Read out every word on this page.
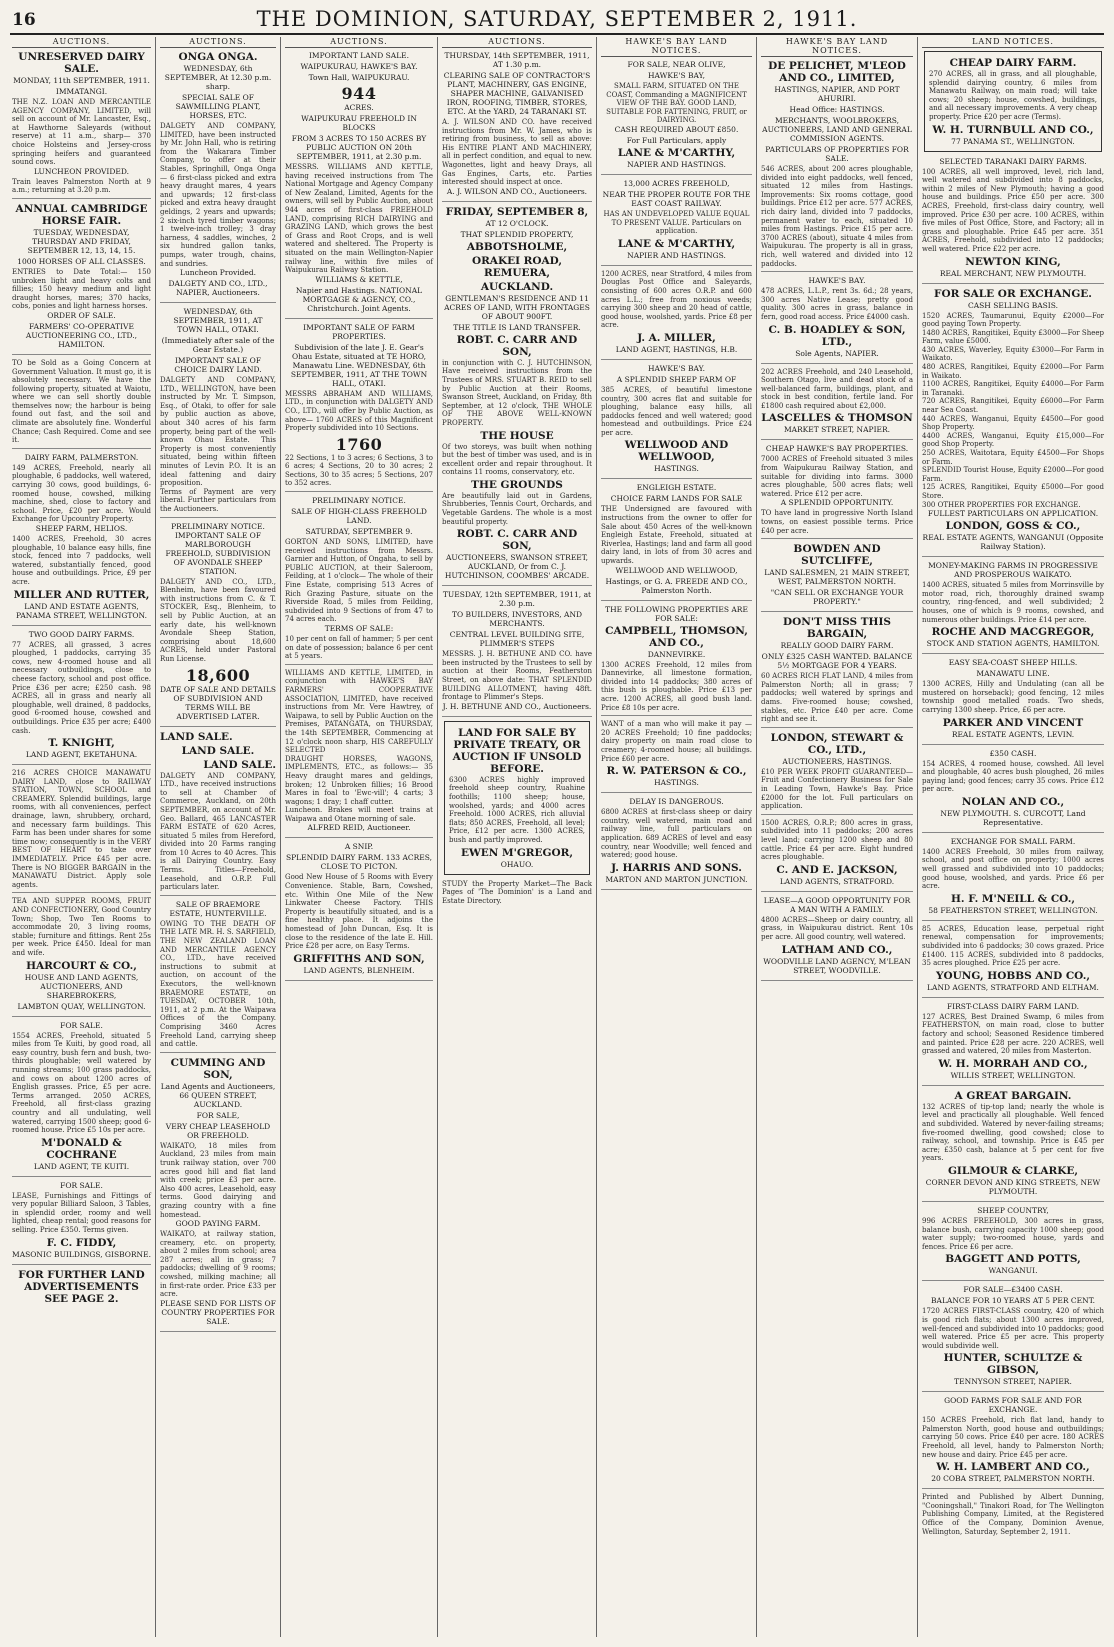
16	THE DOMINION, SATURDAY, SEPTEMBER 2, 1911.
AUCTIONS.
UNRESERVED DAIRY SALE.
MONDAY, 11th SEPTEMBER, 1911.
IMMATANGI.

THE N.Z. LOAN AND MERCANTILE AGENCY COMPANY, LIMITED, will sell on account of Mr. Lancaster, Esq., at Hawthorne Saleyards (without reserve) at 11 a.m., sharp— 370 choice Holsteins and Jersey-cross springing heifers and guaranteed sound cows.

LUNCHEON PROVIDED.

Train leaves Palmerston North at 9 a.m.; returning at 3.20 p.m.

ANNUAL CAMBRIDGE HORSE FAIR.
TUESDAY, WEDNESDAY, THURSDAY AND FRIDAY, SEPTEMBER 12, 13, 14, 15.
1000 HORSES OF ALL CLASSES.

ENTRIES to Date Total:— 150 unbroken light and heavy colts and fillies; 150 heavy medium and light draught horses, mares; 370 hacks, cobs, ponies and light harness horses.

ORDER OF SALE.
FARMERS' CO-OPERATIVE AUCTIONEERING CO., LTD., HAMILTON.

TO be Sold as a Going Concern at Government Valuation. It must go, it is absolutely necessary. We have the following property, situated at Waiotu, where we can sell shortly double themselves now; the harbour is being found out fast, and the soil and climate are absolutely fine. Wonderful Chance; Cash Required. Come and see it.

DAIRY FARM, PALMERSTON.

149 ACRES, Freehold, nearly all ploughable, 6 paddocks, well watered, carrying 30 cows, good buildings, 6-roomed house, cowshed, milking machine, shed, close to factory and school. Price, £20 per acre. Would Exchange for Upcountry Property.

SHEEP FARM, HELIOS.

1400 ACRES, Freehold, 30 acres ploughable, 10 balance easy hills, fine stock, fenced into 7 paddocks, well watered, substantially fenced, good house and outbuildings. Price, £9 per acre.

MILLER AND RUTTER,
LAND AND ESTATE AGENTS, PANAMA STREET, WELLINGTON.
TWO GOOD DAIRY FARMS.

77 ACRES, all grassed, 3 acres ploughed, 1 paddocks, carrying 35 cows, new 4-roomed house and all necessary outbuildings, close to cheese factory, school and post office. Price £36 per acre; £250 cash. 98 ACRES, all in grass and nearly all ploughable, well drained, 8 paddocks, good 6-roomed house, cowshed and outbuildings. Price £35 per acre; £400 cash.

T. KNIGHT,
LAND AGENT, EKETAHUNA.

216 ACRES CHOICE MANAWATU DAIRY LAND, close to RAILWAY STATION, TOWN, SCHOOL and CREAMERY. Splendid buildings, large rooms, with all conveniences, perfect drainage, lawn, shrubbery, orchard, and necessary farm buildings. This Farm has been under shares for some time now; consequently is in the VERY BEST OF HEART to take over IMMEDIATELY. Price £45 per acre. There is NO BIGGER BARGAIN in the MANAWATU District. Apply sole agents.

TEA AND SUPPER ROOMS, FRUIT AND CONFECTIONERY, Good Country Town; Shop, Two Ten Rooms to accommodate 20, 3 living rooms, stable; furniture and fittings. Rent 25s per week. Price £450. Ideal for man and wife.

HARCOURT & CO.,
HOUSE AND LAND AGENTS, AUCTIONEERS, AND SHAREBROKERS,
LAMBTON QUAY, WELLINGTON.
FOR SALE.

1554 ACRES, Freehold, situated 5 miles from Te Kuiti, by good road, all easy country, bush fern and bush, two-thirds ploughable; well watered by running streams; 100 grass paddocks, and cows on about 1200 acres of English grasses. Price, £5 per acre. Terms arranged. 2050 ACRES, Freehold, all first-class grazing country and all undulating, well watered, carrying 1500 sheep; good 6-roomed house. Price £5 10s per acre.

M'DONALD & COCHRANE
LAND AGENT, TE KUITI.
FOR SALE.

LEASE, Furnishings and Fittings of very popular Billiard Saloon, 3 Tables, in splendid order, roomy and well lighted, cheap rental; good reasons for selling. Price £350. Terms given.

F. C. FIDDY,
MASONIC BUILDINGS, GISBORNE.
FOR FURTHER LAND ADVERTISEMENTS SEE PAGE 2.
AUCTIONS.
ONGA ONGA.
WEDNESDAY, 6th SEPTEMBER, At 12.30 p.m. sharp.
SPECIAL SALE OF SAWMILLING PLANT, HORSES, ETC.

DALGETY AND COMPANY, LIMITED, have been instructed by Mr. John Hall, who is retiring from the Wakarara Timber Company, to offer at their Stables, Springhill, Onga Onga— 6 first-class picked and extra heavy draught mares, 4 years and upwards; 12 first-class picked and extra heavy draught geldings, 2 years and upwards; 2 six-inch tyred timber wagons; 1 twelve-inch trolley; 3 dray harness, 4 saddles, winches, 2 six hundred gallon tanks, pumps, water trough, chains, and sundries.

Luncheon Provided.
DALGETY AND CO., LTD., NAPIER, Auctioneers.
WEDNESDAY, 6th SEPTEMBER, 1911, AT TOWN HALL, OTAKI.
(Immediately after sale of the Gear Estate.)
IMPORTANT SALE OF CHOICE DAIRY LAND.

DALGETY AND COMPANY, LTD., WELLINGTON, have been instructed by Mr. T. Simpson, Esq., of Otaki, to offer for sale by public auction as above, about 340 acres of his farm property, being part of the well-known Ohau Estate. This Property is most conveniently situated, being within fifteen minutes of Levin P.O. It is an ideal fattening and dairy proposition.

Terms of Payment are very liberal. Further particulars from the Auctioneers.

PRELIMINARY NOTICE. IMPORTANT SALE OF MARLBOROUGH FREEHOLD, SUBDIVISION OF AVONDALE SHEEP STATION.

DALGETY AND CO., LTD., Blenheim, have been favoured with instructions from C. & T. STOCKER, Esq., Blenheim, to sell by Public Auction, at an early date, his well-known Avondale Sheep Station, comprising about 18,600 ACRES, held under Pastoral Run License.

18,600
DATE OF SALE AND DETAILS OF SUBDIVISION AND TERMS WILL BE ADVERTISED LATER.
LAND SALE.
LAND SALE.
LAND SALE.

DALGETY AND COMPANY, LTD., have received instructions to sell at Chamber of Commerce, Auckland, on 20th SEPTEMBER, on account of Mr. Geo. Ballard, 465 LANCASTER FARM ESTATE of 620 Acres, situated 5 miles from Hereford, divided into 20 Farms ranging from 10 Acres to 40 Acres. This is all Dairying Country. Easy Terms. Titles—Freehold, Leasehold, and O.R.P. Full particulars later.

SALE OF BRAEMORE ESTATE, HUNTERVILLE.

OWING TO THE DEATH OF THE LATE MR. H. S. SARFIELD, THE NEW ZEALAND LOAN AND MERCANTILE AGENCY CO., LTD., have received instructions to submit at auction, on account of the Executors, the well-known BRAEMORE ESTATE, on TUESDAY, OCTOBER 10th, 1911, at 2 p.m. At the Waipawa Offices of the Company. Comprising 3460 Acres Freehold Land, carrying sheep and cattle.

CUMMING AND SON,
Land Agents and Auctioneers, 66 QUEEN STREET, AUCKLAND.
FOR SALE,
VERY CHEAP LEASEHOLD OR FREEHOLD.

WAIKATO, 18 miles from Auckland, 23 miles from main trunk railway station, over 700 acres good hill and flat land with creek; price £3 per acre. Also 400 acres, Leasehold, easy terms. Good dairying and grazing country with a fine homestead.

GOOD PAYING FARM.

WAIKATO, at railway station, creamery, etc. on property, about 2 miles from school; area 287 acres; all in grass; 7 paddocks; dwelling of 9 rooms; cowshed, milking machine; all in first-rate order. Price £33 per acre.

PLEASE SEND FOR LISTS OF COUNTRY PROPERTIES FOR SALE.
AUCTIONS.
IMPORTANT LAND SALE.
WAIPUKURAU, HAWKE'S BAY.
Town Hall, WAIPUKURAU.
944
ACRES.
WAIPUKURAU FREEHOLD IN BLOCKS
FROM 3 ACRES TO 150 ACRES BY PUBLIC AUCTION ON 20th SEPTEMBER, 1911, at 2.30 p.m.

MESSRS. WILLIAMS AND KETTLE, having received instructions from The National Mortgage and Agency Company of New Zealand, Limited, Agents for the owners, will sell by Public Auction, about 944 acres of first-class FREEHOLD LAND, comprising RICH DAIRYING and GRAZING LAND, which grows the best of Grass and Root Crops, and is well watered and sheltered. The Property is situated on the main Wellington-Napier railway line, within five miles of Waipukurau Railway Station.

WILLIAMS & KETTLE,
Napier and Hastings. NATIONAL MORTGAGE & AGENCY, CO., Christchurch. Joint Agents.
IMPORTANT SALE OF FARM PROPERTIES.
Subdivision of the late J. E. Gear's Ohau Estate, situated at TE HORO, Manawatu Line. WEDNESDAY, 6th SEPTEMBER, 1911, AT THE TOWN HALL, OTAKI.

MESSRS ABRAHAM AND WILLIAMS, LTD., in conjunction with DALGETY AND CO., LTD., will offer by Public Auction, as above— 1760 ACRES of this Magnificent Property subdivided into 10 Sections.

1760

22 Sections, 1 to 3 acres; 6 Sections, 3 to 6 acres; 4 Sections, 20 to 30 acres; 2 Sections, 30 to 35 acres; 5 Sections, 207 to 352 acres.

PRELIMINARY NOTICE.
SALE OF HIGH-CLASS FREEHOLD LAND.
SATURDAY, SEPTEMBER 9.

GORTON AND SONS, LIMITED, have received instructions from Messrs. Garnier and Hutton, of Ongaha, to sell by PUBLIC AUCTION, at their Saleroom, Feilding, at 1 o'clock— The whole of their Fine Estate, comprising 513 Acres of Rich Grazing Pasture, situate on the Riverside Road, 5 miles from Feilding, subdivided into 9 Sections of from 47 to 74 acres each.

TERMS OF SALE:

10 per cent on fall of hammer; 5 per cent on date of possession; balance 6 per cent at 5 years.

WILLIAMS AND KETTLE, LIMITED, in conjunction with HAWKE'S BAY FARMERS' COOPERATIVE ASSOCIATION, LIMITED, have received instructions from Mr. Vere Hawtrey, of Waipawa, to sell by Public Auction on the Premises, PATANGATA, on THURSDAY, the 14th SEPTEMBER, Commencing at 12 o'clock noon sharp, HIS CAREFULLY SELECTED

DRAUGHT HORSES, WAGONS, IMPLEMENTS, ETC., as follows:— 35 Heavy draught mares and geldings, broken; 12 Unbroken fillies; 16 Brood Mares in foal to 'Ewc-vill'; 4 carts; 3 wagons; 1 dray; 1 chaff cutter.

Luncheon. Brakes will meet trains at Waipawa and Otane morning of sale.

ALFRED REID, Auctioneer.
A SNIP.
SPLENDID DAIRY FARM. 133 ACRES, CLOSE TO PICTON.

Good New House of 5 Rooms with Every Convenience. Stable, Barn, Cowshed, etc. Within One Mile of the New Linkwater Cheese Factory. THIS Property is beautifully situated, and is a fine healthy place. It adjoins the homestead of John Duncan, Esq. It is close to the residence of the late E. Hill. Price £28 per acre, on Easy Terms.

GRIFFITHS AND SON,
LAND AGENTS, BLENHEIM.
AUCTIONS.
THURSDAY, 14th SEPTEMBER, 1911, AT 1.30 p.m.
CLEARING SALE OF CONTRACTOR'S PLANT, MACHINERY, GAS ENGINE, SHAPER MACHINE, GALVANISED IRON, ROOFING, TIMBER, STORES, ETC. At the YARD, 24 TARANAKI ST.

A. J. WILSON AND CO. have received instructions from Mr. W. James, who is retiring from business, to sell as above: His ENTIRE PLANT AND MACHINERY, all in perfect condition, and equal to new. Wagonettes, light and heavy Drays, all Gas Engines, Carts, etc. Parties interested should inspect at once.

A. J. WILSON AND CO., Auctioneers.
FRIDAY, SEPTEMBER 8,
AT 12 O'CLOCK.
THAT SPLENDID PROPERTY,
ABBOTSHOLME,
ORAKEI ROAD, REMUERA,
AUCKLAND.
GENTLEMAN'S RESIDENCE AND 11 ACRES OF LAND, WITH FRONTAGES OF ABOUT 900FT.
THE TITLE IS LAND TRANSFER.
ROBT. C. CARR AND SON,

in conjunction with C. J. HUTCHINSON, Have received instructions from the Trustees of MRS. STUART B. REID to sell by Public Auction at their Rooms, Swanson Street, Auckland, on Friday, 8th September, at 12 o'clock, THE WHOLE OF THE ABOVE WELL-KNOWN PROPERTY.

THE HOUSE

Of two storeys, was built when nothing but the best of timber was used, and is in excellent order and repair throughout. It contains 11 rooms, conservatory, etc.

THE GROUNDS

Are beautifully laid out in Gardens, Shrubberies, Tennis Court, Orchards, and Vegetable Gardens. The whole is a most beautiful property.

ROBT. C. CARR AND SON,
AUCTIONEERS, SWANSON STREET, AUCKLAND, Or from C. J. HUTCHINSON, COOMBES' ARCADE.
TUESDAY, 12th SEPTEMBER, 1911, at 2.30 p.m.
TO BUILDERS, INVESTORS, AND MERCHANTS.
CENTRAL LEVEL BUILDING SITE, PLIMMER'S STEPS

MESSRS. J. H. BETHUNE AND CO. have been instructed by the Trustees to sell by auction at their Rooms, Featherston Street, on above date: THAT SPLENDID BUILDING ALLOTMENT, having 48ft. frontage to Plimmer's Steps.

J. H. BETHUNE AND CO., Auctioneers.
LAND FOR SALE BY PRIVATE TREATY, OR AUCTION IF UNSOLD BEFORE.

6300 ACRES highly improved freehold sheep country, Ruahine foothills; 1100 sheep; house, woolshed, yards; and 4000 acres Freehold. 1000 ACRES, rich alluvial flats; 850 ACRES, Freehold, all level; Price, £12 per acre. 1300 ACRES, bush and partly improved.

EWEN M'GREGOR,
OHAUO.

STUDY the Property Market—The Back Pages of 'The Dominion' is a Land and Estate Directory.

HAWKE'S BAY LAND NOTICES.
FOR SALE, NEAR OLIVE,
HAWKE'S BAY,

SMALL FARM, SITUATED ON THE COAST, Commanding a MAGNIFICENT VIEW OF THE BAY. GOOD LAND, SUITABLE FOR FATTENING, FRUIT, or DAIRYING.

CASH REQUIRED ABOUT £850.
For Full Particulars, apply
LANE & M'CARTHY,
NAPIER AND HASTINGS.
13,000 ACRES FREEHOLD,
NEAR THE PROPER ROUTE FOR THE EAST COAST RAILWAY.

HAS AN UNDEVELOPED VALUE EQUAL TO PRESENT VALUE. Particulars on application.

LANE & M'CARTHY,
NAPIER AND HASTINGS.

1200 ACRES, near Stratford, 4 miles from Douglas Post Office and Saleyards, consisting of 600 acres O.R.P. and 600 acres L.L.; free from noxious weeds; carrying 300 sheep and 20 head of cattle, good house, woolshed, yards. Price £8 per acre.

J. A. MILLER,
LAND AGENT, HASTINGS, H.B.
HAWKE'S BAY.
A SPLENDID SHEEP FARM OF

385 ACRES, of beautiful limestone country, 300 acres flat and suitable for ploughing, balance easy hills, all paddocks fenced and well watered; good homestead and outbuildings. Price £24 per acre.

WELLWOOD AND WELLWOOD,
HASTINGS.
ENGLEIGH ESTATE.
CHOICE FARM LANDS FOR SALE

THE Undersigned are favoured with instructions from the owner to offer for Sale about 450 Acres of the well-known Engleigh Estate, Freehold, situated at Riverlea, Hastings; land and farm all good dairy land, in lots of from 30 acres and upwards.

WELLWOOD AND WELLWOOD,
Hastings, or G. A. FREEDE AND CO., Palmerston North.
THE FOLLOWING PROPERTIES ARE FOR SALE:
CAMPBELL, THOMSON, AND CO.,
DANNEVIRKE.

1300 ACRES Freehold, 12 miles from Dannevirke, all limestone formation, divided into 14 paddocks; 380 acres of this bush is ploughable. Price £13 per acre. 1200 ACRES, all good bush land. Price £8 10s per acre.

WANT of a man who will make it pay — 20 ACRES Freehold; 10 fine paddocks; dairy property on main road close to creamery; 4-roomed house; all buildings. Price £60 per acre.

R. W. PATERSON & CO.,
HASTINGS.
DELAY IS DANGEROUS.

6800 ACRES at first-class sheep or dairy country, well watered, main road and railway line, full particulars on application. 689 ACRES of level and easy country, near Woodville; well fenced and watered; good house.

J. HARRIS AND SONS.
MARTON AND MARTON JUNCTION.
HAWKE'S BAY LAND NOTICES.
DE PELICHET, M'LEOD AND CO., LIMITED,
HASTINGS, NAPIER, AND PORT AHURIRI.
Head Office: HASTINGS.
MERCHANTS, WOOLBROKERS, AUCTIONEERS, LAND AND GENERAL COMMISSION AGENTS.
PARTICULARS OF PROPERTIES FOR SALE.

546 ACRES, about 200 acres ploughable, divided into eight paddocks, well fenced, situated 12 miles from Hastings. Improvements: Six rooms cottage, good buildings. Price £12 per acre. 577 ACRES, rich dairy land, divided into 7 paddocks, permanent water to each, situated 10 miles from Hastings. Price £15 per acre. 3700 ACRES (about), situate 4 miles from Waipukurau. The property is all in grass, rich, well watered and divided into 12 paddocks.

HAWKE'S BAY.

478 ACRES, L.L.P., rent 3s. 6d.; 28 years, 300 acres Native Lease; pretty good quality. 300 acres in grass, balance in fern, good road access. Price £4000 cash.

C. B. HOADLEY & SON, LTD.,
Sole Agents, NAPIER.

202 ACRES Freehold, and 240 Leasehold, Southern Otago, live and dead stock of a well-balanced farm, buildings, plant, and stock in best condition, fertile land. For £1800 cash required about £2,000.

LASCELLES & THOMSON
MARKET STREET, NAPIER.
CHEAP HAWKE'S BAY PROPERTIES.

7000 ACRES of Freehold situated 3 miles from Waipukurau Railway Station, and suitable for dividing into farms. 3000 acres ploughable, 500 acres flats; well watered. Price £12 per acre.

A SPLENDID OPPORTUNITY.

TO have land in progressive North Island towns, on easiest possible terms. Price £40 per acre.

BOWDEN AND SUTCLIFFE,
LAND SALESMEN, 21 MAIN STREET, WEST, PALMERSTON NORTH.
"CAN SELL OR EXCHANGE YOUR PROPERTY."
DON'T MISS THIS BARGAIN,
REALLY GOOD DAIRY FARM.
ONLY £325 CASH WANTED. BALANCE 5½ MORTGAGE FOR 4 YEARS.

60 ACRES RICH FLAT LAND, 4 miles from Palmerston North; all in grass; 7 paddocks; well watered by springs and dams. Five-roomed house; cowshed, stables, etc. Price £40 per acre. Come right and see it.

LONDON, STEWART & CO., LTD.,
AUCTIONEERS, HASTINGS.

£10 PER WEEK PROFIT GUARANTEED—Fruit and Confectionery Business for Sale in Leading Town, Hawke's Bay. Price £2000 for the lot. Full particulars on application.

1500 ACRES, O.R.P.; 800 acres in grass, subdivided into 11 paddocks; 200 acres level land; carrying 1200 sheep and 80 cattle. Price £4 per acre. Eight hundred acres ploughable.

C. AND E. JACKSON,
LAND AGENTS, STRATFORD.
LEASE—A GOOD OPPORTUNITY FOR A MAN WITH A FAMILY.

4800 ACRES—Sheep or dairy country, all grass, in Waipukurau district. Rent 10s per acre. All good country, well watered.

LATHAM AND CO.,
WOODVILLE LAND AGENCY, M'LEAN STREET, WOODVILLE.
LAND NOTICES.
CHEAP DAIRY FARM.

270 ACRES, all in grass, and all ploughable, splendid dairying country, 6 miles from Manawatu Railway, on main road; will take cows; 20 sheep; house, cowshed, buildings, and all necessary improvements. A very cheap property. Price £20 per acre (Terms).

W. H. TURNBULL AND CO.,
77 PANAMA ST., WELLINGTON.
SELECTED TARANAKI DAIRY FARMS.

100 ACRES, all well improved, level, rich land, well watered and subdivided into 8 paddocks, within 2 miles of New Plymouth; having a good house and buildings. Price £50 per acre. 300 ACRES, Freehold, first-class dairy country, well improved. Price £30 per acre. 100 ACRES, within five miles of Post Office, Store, and Factory; all in grass and ploughable. Price £45 per acre. 351 ACRES, Freehold, subdivided into 12 paddocks; well watered. Price £22 per acre.

NEWTON KING,
REAL MERCHANT, NEW PLYMOUTH.
FOR SALE OR EXCHANGE.
CASH SELLING BASIS.

1520 ACRES, Taumarunui, Equity £2000—For good paying Town Property.

1480 ACRES, Rangitikei, Equity £3000—For Sheep Farm, value £5000.

430 ACRES, Waverley, Equity £3000—For Farm in Waikato.

480 ACRES, Rangitikei, Equity £2000—For Farm in Waikato.

1100 ACRES, Rangitikei, Equity £4000—For Farm in Taranaki.

720 ACRES, Rangitikei, Equity £6000—For Farm near Sea Coast.

440 ACRES, Wanganui, Equity £4500—For good Shop Property.

4400 ACRES, Wanganui, Equity £15,000—For good Shop Property.

250 ACRES, Waitotara, Equity £4500—For Shops or Farm.

SPLENDID Tourist House, Equity £2000—For good Farm.

125 ACRES, Rangitikei, Equity £5000—For good Store.

300 OTHER PROPERTIES FOR EXCHANGE.

FULLEST PARTICULARS ON APPLICATION.
LONDON, GOSS & CO.,
REAL ESTATE AGENTS, WANGANUI (Opposite Railway Station).
MONEY-MAKING FARMS IN PROGRESSIVE AND PROSPEROUS WAIKATO.

1400 ACRES, situated 5 miles from Morrinsville by motor road, rich, thoroughly drained swamp country, ring-fenced, and well subdivided; 2 houses, one of which is 9 rooms, cowshed, and numerous other buildings. Price £14 per acre.

ROCHE AND MACGREGOR,
STOCK AND STATION AGENTS, HAMILTON.
EASY SEA-COAST SHEEP HILLS.
MANAWATU LINE.

1300 ACRES, Hilly and Undulating (can all be mustered on horseback); good fencing, 12 miles township good metalled roads. Two sheds, carrying 1300 sheep. Price, £6 per acre.

PARKER AND VINCENT
REAL ESTATE AGENTS, LEVIN.
£350 CASH.

154 ACRES, 4 roomed house, cowshed. All level and ploughable, 40 acres bush ploughed, 26 miles paying land; good fences; carry 35 cows. Price £12 per acre.

NOLAN AND CO.,
NEW PLYMOUTH. S. CURCOTT, Land Representative.
EXCHANGE FOR SMALL FARM.

1400 ACRES Freehold, 30 miles from railway, school, and post office on property; 1000 acres well grassed and subdivided into 10 paddocks; good house, woolshed, and yards. Price £6 per acre.

H. F. M'NEILL & CO.,
58 FEATHERSTON STREET, WELLINGTON.

85 ACRES, Education lease, perpetual right renewal, compensation for improvements; subdivided into 6 paddocks; 30 cows grazed. Price £1400. 115 ACRES, subdivided into 8 paddocks, 35 acres ploughed. Price £25 per acre.

YOUNG, HOBBS AND CO.,
LAND AGENTS, STRATFORD AND ELTHAM.
FIRST-CLASS DAIRY FARM LAND.

127 ACRES, Best Drained Swamp, 6 miles from FEATHERSTON, on main road, close to butter factory and school; Seasoned Residence timbered and painted. Price £28 per acre. 220 ACRES, well grassed and watered, 20 miles from Masterton.

W. H. MORRAH AND CO.,
WILLIS STREET, WELLINGTON.
A GREAT BARGAIN.

132 ACRES of tip-top land; nearly the whole is level and practically all ploughable. Well fenced and subdivided. Watered by never-failing streams; five-roomed dwelling, good cowshed; close to railway, school, and township. Price is £45 per acre; £350 cash, balance at 5 per cent for five years.

GILMOUR & CLARKE,
CORNER DEVON AND KING STREETS, NEW PLYMOUTH.
SHEEP COUNTRY,

996 ACRES FREEHOLD, 300 acres in grass, balance bush, carrying capacity 1000 sheep; good water supply; two-roomed house, yards and fences. Price £6 per acre.

BAGGETT AND POTTS,
WANGANUI.
FOR SALE—£3400 CASH.
BALANCE FOR 10 YEARS AT 5 PER CENT.

1720 ACRES FIRST-CLASS country, 420 of which is good rich flats; about 1300 acres improved, well-fenced and subdivided into 10 paddocks; good well watered. Price £5 per acre. This property would subdivide well.

HUNTER, SCHULTZE & GIBSON,
TENNYSON STREET, NAPIER.
GOOD FARMS FOR SALE AND FOR EXCHANGE.

150 ACRES Freehold, rich flat land, handy to Palmerston North, good house and outbuildings; carrying 50 cows. Price £40 per acre. 180 ACRES Freehold, all level, handy to Palmerston North; new house and dairy. Price £45 per acre.

W. H. LAMBERT AND CO.,
20 COBA STREET, PALMERSTON NORTH.

Printed and Published by Albert Dunning, "Cooningshall," Tinakori Road, for The Wellington Publishing Company, Limited, at the Registered Office of the Company, Dominion Avenue, Wellington, Saturday, September 2, 1911.
